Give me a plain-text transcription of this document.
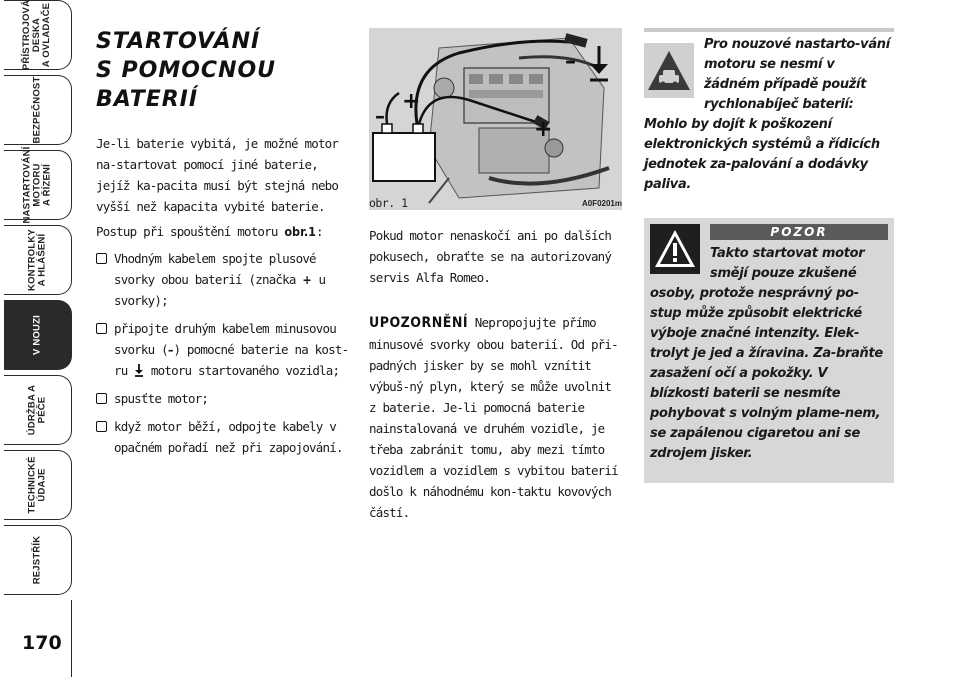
PŘÍSTROJOVÁ
DESKA
A OVLADAČE
BEZPEČNOST
NASTARTOVÁNÍ
MOTORU
A ŘÍZENÍ
KONTROLKY
A HLÁŠENÍ
V NOUZI
ÚDRŽBA A PÉČE
TECHNICKÉ
ÚDAJE
REJSTŘÍK
170
STARTOVÁNÍ
S POMOCNOU
BATERIÍ

Je-li baterie vybitá, je možné motor na-startovat pomocí jiné baterie, jejíž ka-pacita musí být stejná nebo vyšší než kapacita vybité baterie.

Postup při spouštění motoru obr.1:

Vhodným kabelem spojte plusové svorky obou baterií (značka + u svorky);
připojte druhým kabelem minusovou svorku (–) pomocné baterie na kost-ru  motoru startovaného vozidla;
spusťte motor;
když motor běží, odpojte kabely v opačném pořadí než při zapojování.
–
+
+
–
obr. 1	A0F0201m

Pokud motor nenaskočí ani po dalších pokusech, obraťte se na autorizovaný servis Alfa Romeo.

UPOZORNĚNÍ Nepropojujte přímo minusové svorky obou baterií. Od při-padných jisker by se mohl vznítit výbuš-ný plyn, který se může uvolnit z baterie. Je-li pomocná baterie nainstalovaná ve druhém vozidle, je třeba zabránit tomu, aby mezi tímto vozidlem a vozidlem s vybitou baterií došlo k náhodnému kon-taktu kovových částí.

Pro nouzové nastarto-vání motoru se nesmí v žádném případě použít rychlonabíječ baterií: Mohlo by dojít k poškození elektronických systémů a řídicích jednotek za-palování a dodávky paliva.

POZOR

Takto startovat motor smějí pouze zkušené osoby, protože nesprávný po-stup může způsobit elektrické výboje značné intenzity. Elek-trolyt je jed a žíravina. Za-braňte zasažení očí a pokožky. V blízkosti baterii se nesmíte pohybovat s volným plame-nem, se zapálenou cigaretou ani se zdrojem jisker.
